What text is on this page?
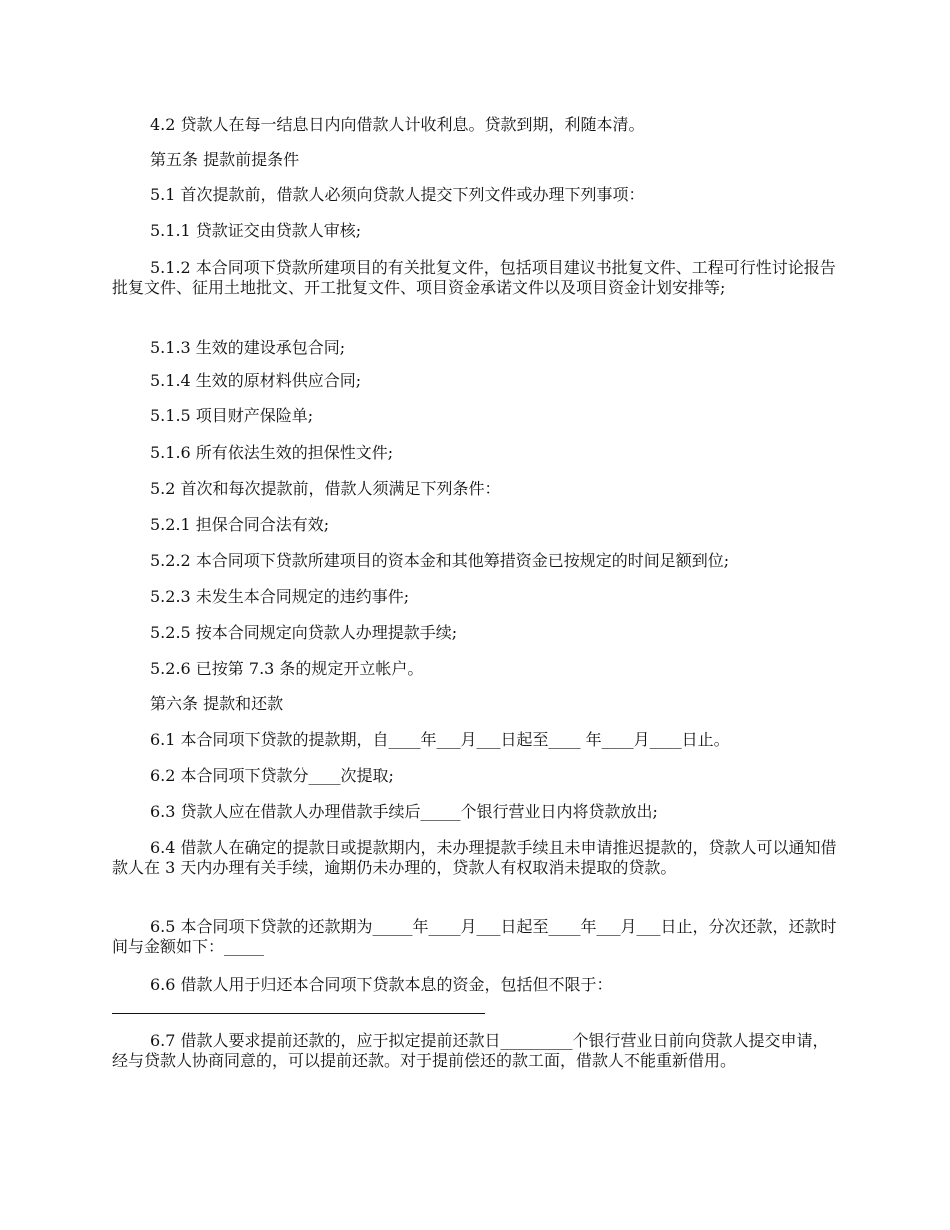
4.2 贷款人在每一结息日内向借款人计收利息。贷款到期，利随本清。

第五条 提款前提条件

5.1 首次提款前，借款人必须向贷款人提交下列文件或办理下列事项：

5.1.1 贷款证交由贷款人审核;

5.1.2 本合同项下贷款所建项目的有关批复文件，包括项目建议书批复文件、工程可行性讨论报告批复文件、征用土地批文、开工批复文件、项目资金承诺文件以及项目资金计划安排等;

5.1.3 生效的建设承包合同;

5.1.4 生效的原材料供应合同;

5.1.5 项目财产保险单;

5.1.6 所有依法生效的担保性文件;

5.2 首次和每次提款前，借款人须满足下列条件：

5.2.1 担保合同合法有效;

5.2.2 本合同项下贷款所建项目的资本金和其他筹措资金已按规定的时间足额到位;

5.2.3 未发生本合同规定的违约事件;

5.2.5 按本合同规定向贷款人办理提款手续;

5.2.6 已按第 7.3 条的规定开立帐户。

第六条 提款和还款

6.1 本合同项下贷款的提款期，自____年___月___日起至____ 年____月____日止。

6.2 本合同项下贷款分____次提取;

6.3 贷款人应在借款人办理借款手续后_____个银行营业日内将贷款放出;

6.4 借款人在确定的提款日或提款期内，未办理提款手续且未申请推迟提款的，贷款人可以通知借款人在 3 天内办理有关手续，逾期仍未办理的，贷款人有权取消未提取的贷款。

6.5 本合同项下贷款的还款期为_____年____月___日起至____年___月___日止，分次还款，还款时间与金额如下：_____

6.6 借款人用于归还本合同项下贷款本息的资金，包括但不限于：

6.7 借款人要求提前还款的，应于拟定提前还款日_________个银行营业日前向贷款人提交申请，经与贷款人协商同意的，可以提前还款。对于提前偿还的款工面，借款人不能重新借用。
